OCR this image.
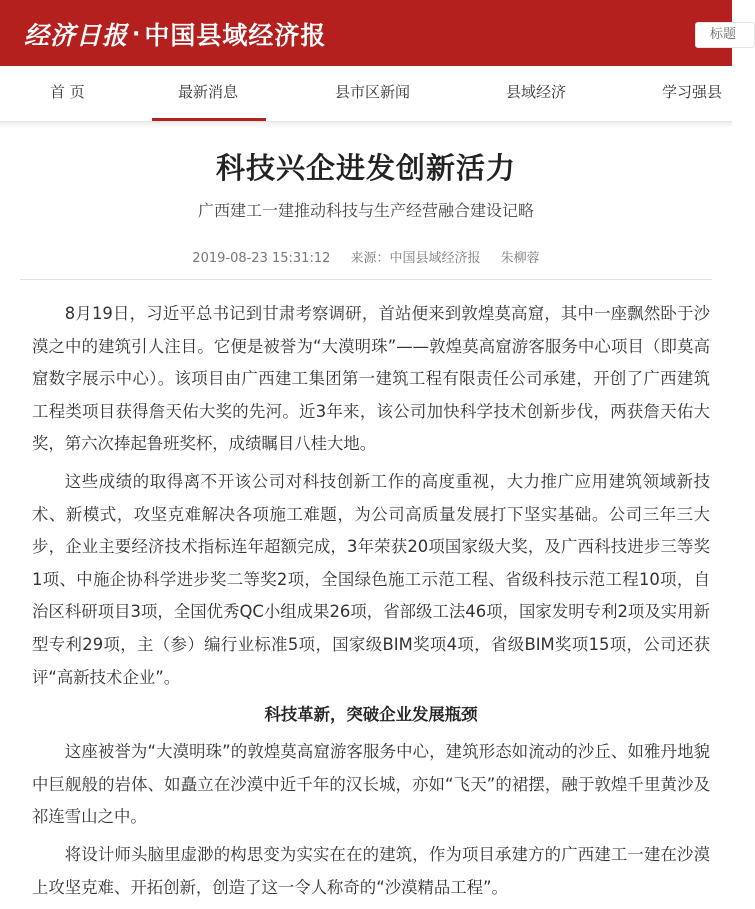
经济日报 · 中国县域经济报	标题
首 页	最新消息	县市区新闻	县域经济	学习强县
科技兴企进发创新活力
广西建工一建推动科技与生产经营融合建设记略
2019-08-23 15:31:12 来源：中国县域经济报 朱柳蓉

8月19日，习近平总书记到甘肃考察调研，首站便来到敦煌莫高窟，其中一座飘然卧于沙漠之中的建筑引人注目。它便是被誉为“大漠明珠”——敦煌莫高窟游客服务中心项目（即莫高窟数字展示中心）。该项目由广西建工集团第一建筑工程有限责任公司承建，开创了广西建筑工程类项目获得詹天佑大奖的先河。近3年来，该公司加快科学技术创新步伐，两获詹天佑大奖，第六次捧起鲁班奖杯，成绩瞩目八桂大地。

这些成绩的取得离不开该公司对科技创新工作的高度重视，大力推广应用建筑领域新技术、新模式，攻坚克难解决各项施工难题，为公司高质量发展打下坚实基础。公司三年三大步，企业主要经济技术指标连年超额完成，3年荣获20项国家级大奖，及广西科技进步三等奖1项、中施企协科学进步奖二等奖2项，全国绿色施工示范工程、省级科技示范工程10项，自治区科研项目3项，全国优秀QC小组成果26项，省部级工法46项，国家发明专利2项及实用新型专利29项，主（参）编行业标准5项，国家级BIM奖项4项，省级BIM奖项15项，公司还获评“高新技术企业”。

科技革新，突破企业发展瓶颈

这座被誉为“大漠明珠”的敦煌莫高窟游客服务中心，建筑形态如流动的沙丘、如雅丹地貌中巨舰般的岩体、如矗立在沙漠中近千年的汉长城，亦如“飞天”的裙摆，融于敦煌千里黄沙及祁连雪山之中。

将设计师头脑里虚渺的构思变为实实在在的建筑，作为项目承建方的广西建工一建在沙漠上攻坚克难、开拓创新，创造了这一令人称奇的“沙漠精品工程”。
